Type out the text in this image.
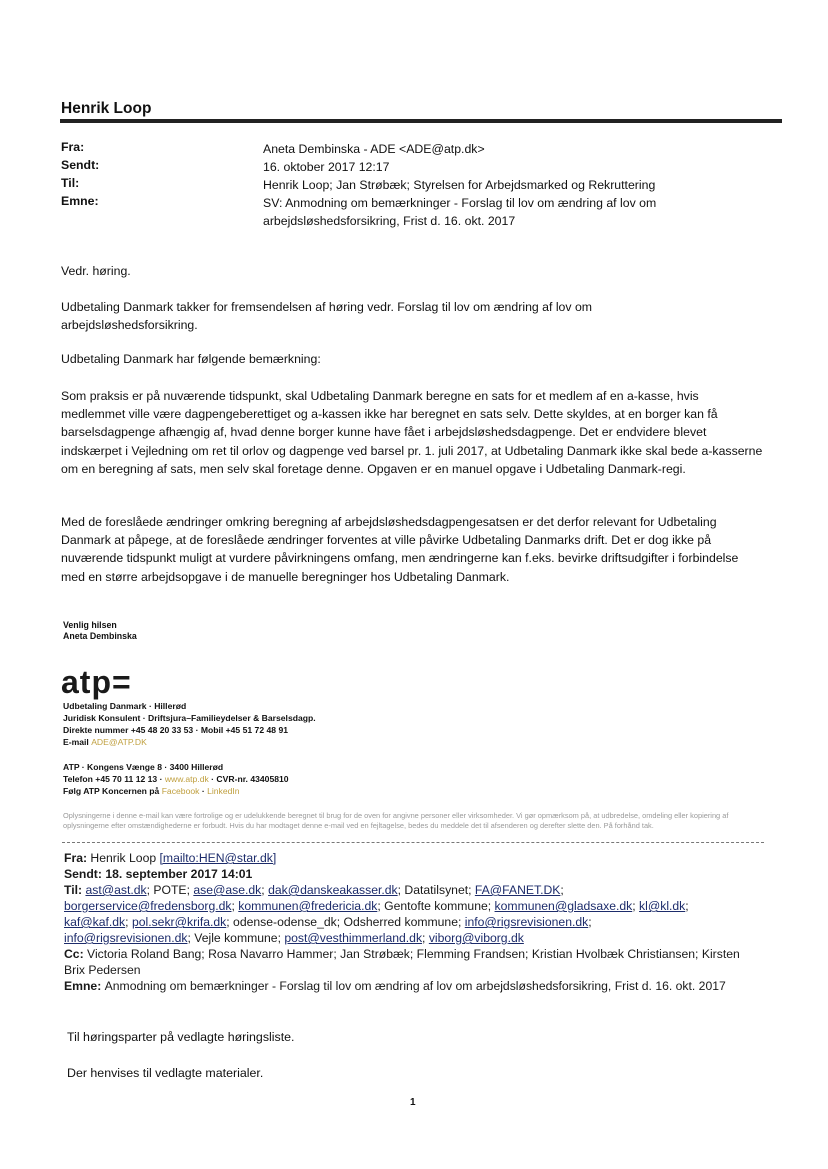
Henrik Loop
Fra:
Sendt:
Til:
Emne:
Aneta Dembinska - ADE <ADE@atp.dk>
16. oktober 2017 12:17
Henrik Loop; Jan Strøbæk; Styrelsen for Arbejdsmarked og Rekruttering
SV: Anmodning om bemærkninger - Forslag til lov om ændring af lov om arbejdsløshedsforsikring, Frist d. 16. okt. 2017
Vedr. høring.
Udbetaling Danmark takker for fremsendelsen af høring vedr. Forslag til lov om ændring af lov om arbejdsløshedsforsikring.
Udbetaling Danmark har følgende bemærkning:
Som praksis er på nuværende tidspunkt, skal Udbetaling Danmark beregne en sats for et medlem af en a-kasse, hvis medlemmet ville være dagpengeberettiget og a-kassen ikke har beregnet en sats selv. Dette skyldes, at en borger kan få barselsdagpenge afhængig af, hvad denne borger kunne have fået i arbejdsløshedsdagpenge. Det er endvidere blevet indskærpet i Vejledning om ret til orlov og dagpenge ved barsel pr. 1. juli 2017, at Udbetaling Danmark ikke skal bede a-kasserne om en beregning af sats, men selv skal foretage denne. Opgaven er en manuel opgave i Udbetaling Danmark-regi.
Med de foreslåede ændringer omkring beregning af arbejdsløshedsdagpengesatsen er det derfor relevant for Udbetaling Danmark at påpege, at de foreslåede ændringer forventes at ville påvirke Udbetaling Danmarks drift. Det er dog ikke på nuværende tidspunkt muligt at vurdere påvirkningens omfang, men ændringerne kan f.eks. bevirke driftsudgifter i forbindelse med en større arbejdsopgave i de manuelle beregninger hos Udbetaling Danmark.
Venlig hilsen
Aneta Dembinska
atp=
Udbetaling Danmark · Hillerød
Juridisk Konsulent · Driftsjura–Familieydelser & Barselsdagp.
Direkte nummer +45 48 20 33 53 · Mobil +45 51 72 48 91
E-mail ADE@ATP.DK
ATP · Kongens Vænge 8 · 3400 Hillerød
Telefon +45 70 11 12 13 · www.atp.dk · CVR-nr. 43405810
Følg ATP Koncernen på Facebook · LinkedIn
Oplysningerne i denne e-mail kan være fortrolige og er udelukkende beregnet til brug for de oven for angivne personer eller virksomheder. Vi gør opmærksom på, at udbredelse, omdeling eller kopiering af oplysningerne efter omstændighederne er forbudt. Hvis du har modtaget denne e-mail ved en fejltagelse, bedes du meddele det til afsenderen og derefter slette den. På forhånd tak.
Fra: Henrik Loop [mailto:HEN@star.dk]
Sendt: 18. september 2017 14:01
Til: ast@ast.dk; POTE; ase@ase.dk; dak@danskeakasser.dk; Datatilsynet; FA@FANET.DK;
borgerservice@fredensborg.dk; kommunen@fredericia.dk; Gentofte kommune; kommunen@gladsaxe.dk; kl@kl.dk;
kaf@kaf.dk; pol.sekr@krifa.dk; odense-odense_dk; Odsherred kommune; info@rigsrevisionen.dk;
info@rigsrevisionen.dk; Vejle kommune; post@vesthimmerland.dk; viborg@viborg.dk
Cc: Victoria Roland Bang; Rosa Navarro Hammer; Jan Strøbæk; Flemming Frandsen; Kristian Hvolbæk Christiansen; Kirsten Brix Pedersen
Emne: Anmodning om bemærkninger - Forslag til lov om ændring af lov om arbejdsløshedsforsikring, Frist d. 16. okt. 2017
Til høringsparter på vedlagte høringsliste.
Der henvises til vedlagte materialer.
1
